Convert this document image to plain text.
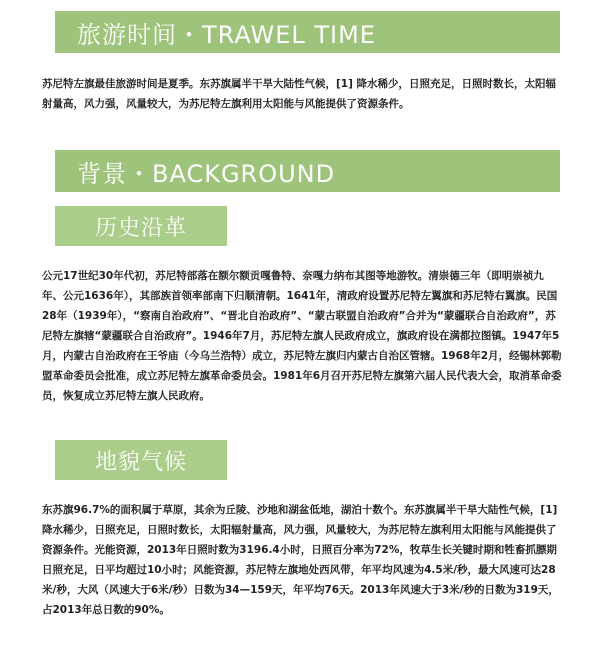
旅游时间・TRAWEL TIME

苏尼特左旗最佳旅游时间是夏季。东苏旗属半干旱大陆性气候，[1] 降水稀少，日照充足，日照时数长，太阳辐射量高，风力强，风量较大，为苏尼特左旗利用太阳能与风能提供了资源条件。

背景・BACKGROUND
历史沿革

公元17世纪30年代初，苏尼特部落在额尔额贡嘎鲁特、奈嘎力纳布其图等地游牧。清崇德三年（即明崇祯九年、公元1636年），其部族首领率部南下归顺清朝。1641年，清政府设置苏尼特左翼旗和苏尼特右翼旗。民国28年（1939年），“察南自治政府”、“晋北自治政府”、“蒙古联盟自治政府”合并为“蒙疆联合自治政府”，苏尼特左旗辖“蒙疆联合自治政府”。1946年7月，苏尼特左旗人民政府成立，旗政府设在满都拉图镇。1947年5月，内蒙古自治政府在王爷庙（今乌兰浩特）成立，苏尼特左旗归内蒙古自治区管辖。1968年2月，经锡林郭勒盟革命委员会批准，成立苏尼特左旗革命委员会。1981年6月召开苏尼特左旗第六届人民代表大会，取消革命委员，恢复成立苏尼特左旗人民政府。

地貌气候

东苏旗96.7%的面积属于草原，其余为丘陵、沙地和湖盆低地，湖泊十数个。东苏旗属半干旱大陆性气候，[1] 降水稀少，日照充足，日照时数长，太阳辐射量高，风力强，风量较大，为苏尼特左旗利用太阳能与风能提供了资源条件。光能资源，2013年日照时数为3196.4小时，日照百分率为72%，牧草生长关键时期和牲畜抓膘期日照充足，日平均超过10小时；风能资源，苏尼特左旗地处西风带，年平均风速为4.5米/秒，最大风速可达28米/秒，大风（风速大于6米/秒）日数为34—159天，年平均76天。2013年风速大于3米/秒的日数为319天，占2013年总日数的90%。
